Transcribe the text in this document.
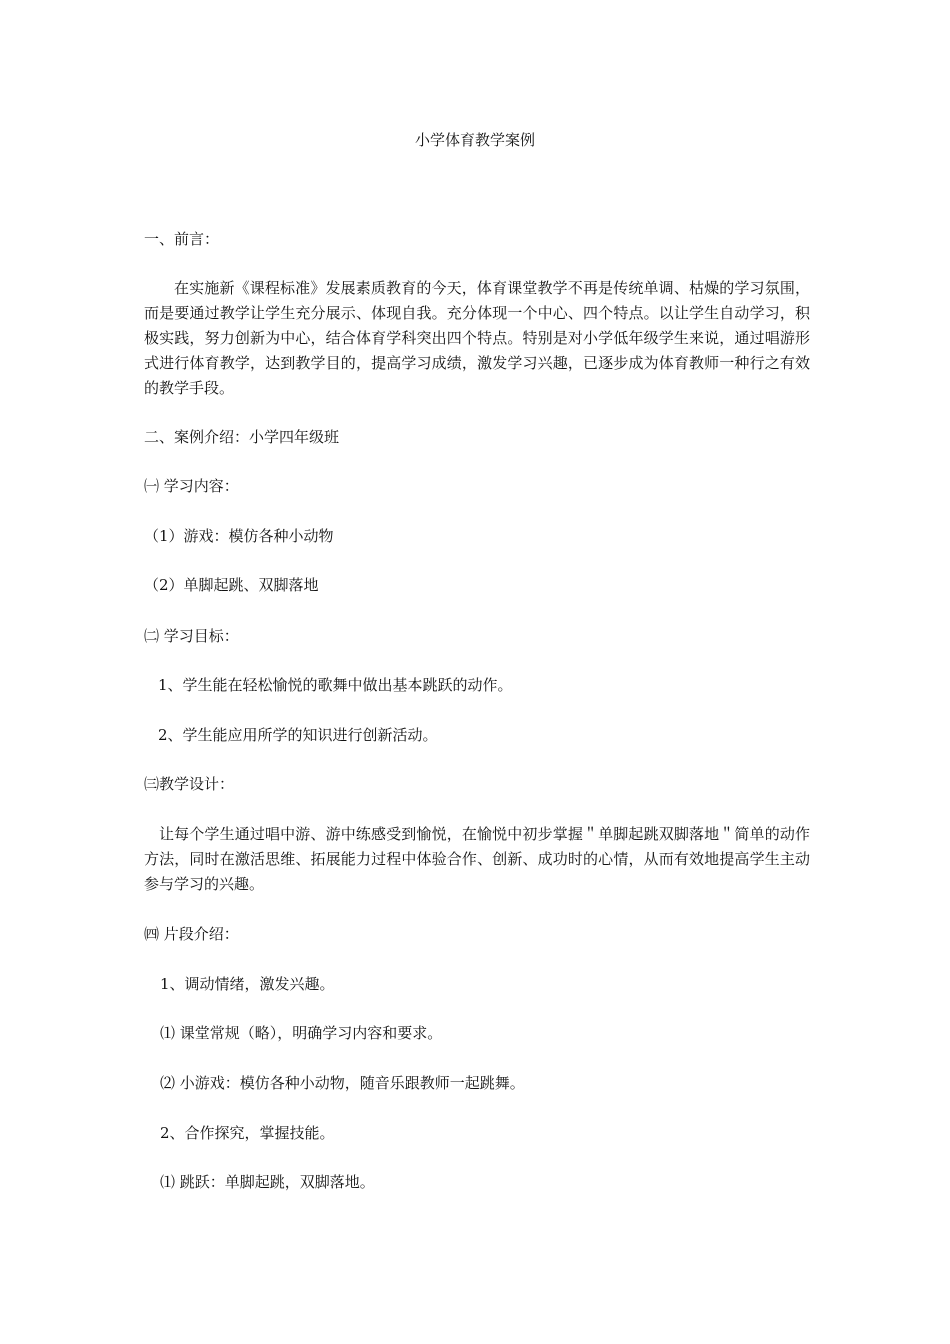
小学体育教学案例
一、前言：
在实施新《课程标准》发展素质教育的今天，体育课堂教学不再是传统单调、枯燥的学习氛围，而是要通过教学让学生充分展示、体现自我。充分体现一个中心、四个特点。以让学生自动学习，积极实践，努力创新为中心，结合体育学科突出四个特点。特别是对小学低年级学生来说，通过唱游形式进行体育教学，达到教学目的，提高学习成绩，激发学习兴趣，已逐步成为体育教师一种行之有效的教学手段。
二、案例介绍：小学四年级班
㈠ 学习内容：
（1）游戏：模仿各种小动物
（2）单脚起跳、双脚落地
㈡ 学习目标：
1、学生能在轻松愉悦的歌舞中做出基本跳跃的动作。
2、学生能应用所学的知识进行创新活动。
㈢教学设计：
让每个学生通过唱中游、游中练感受到愉悦，在愉悦中初步掌握＂单脚起跳双脚落地＂简单的动作方法，同时在激活思维、拓展能力过程中体验合作、创新、成功时的心情，从而有效地提高学生主动参与学习的兴趣。
㈣ 片段介绍：
1、调动情绪，激发兴趣。
⑴ 课堂常规（略），明确学习内容和要求。
⑵ 小游戏：模仿各种小动物，随音乐跟教师一起跳舞。
2、合作探究，掌握技能。
⑴ 跳跃：单脚起跳，双脚落地。
